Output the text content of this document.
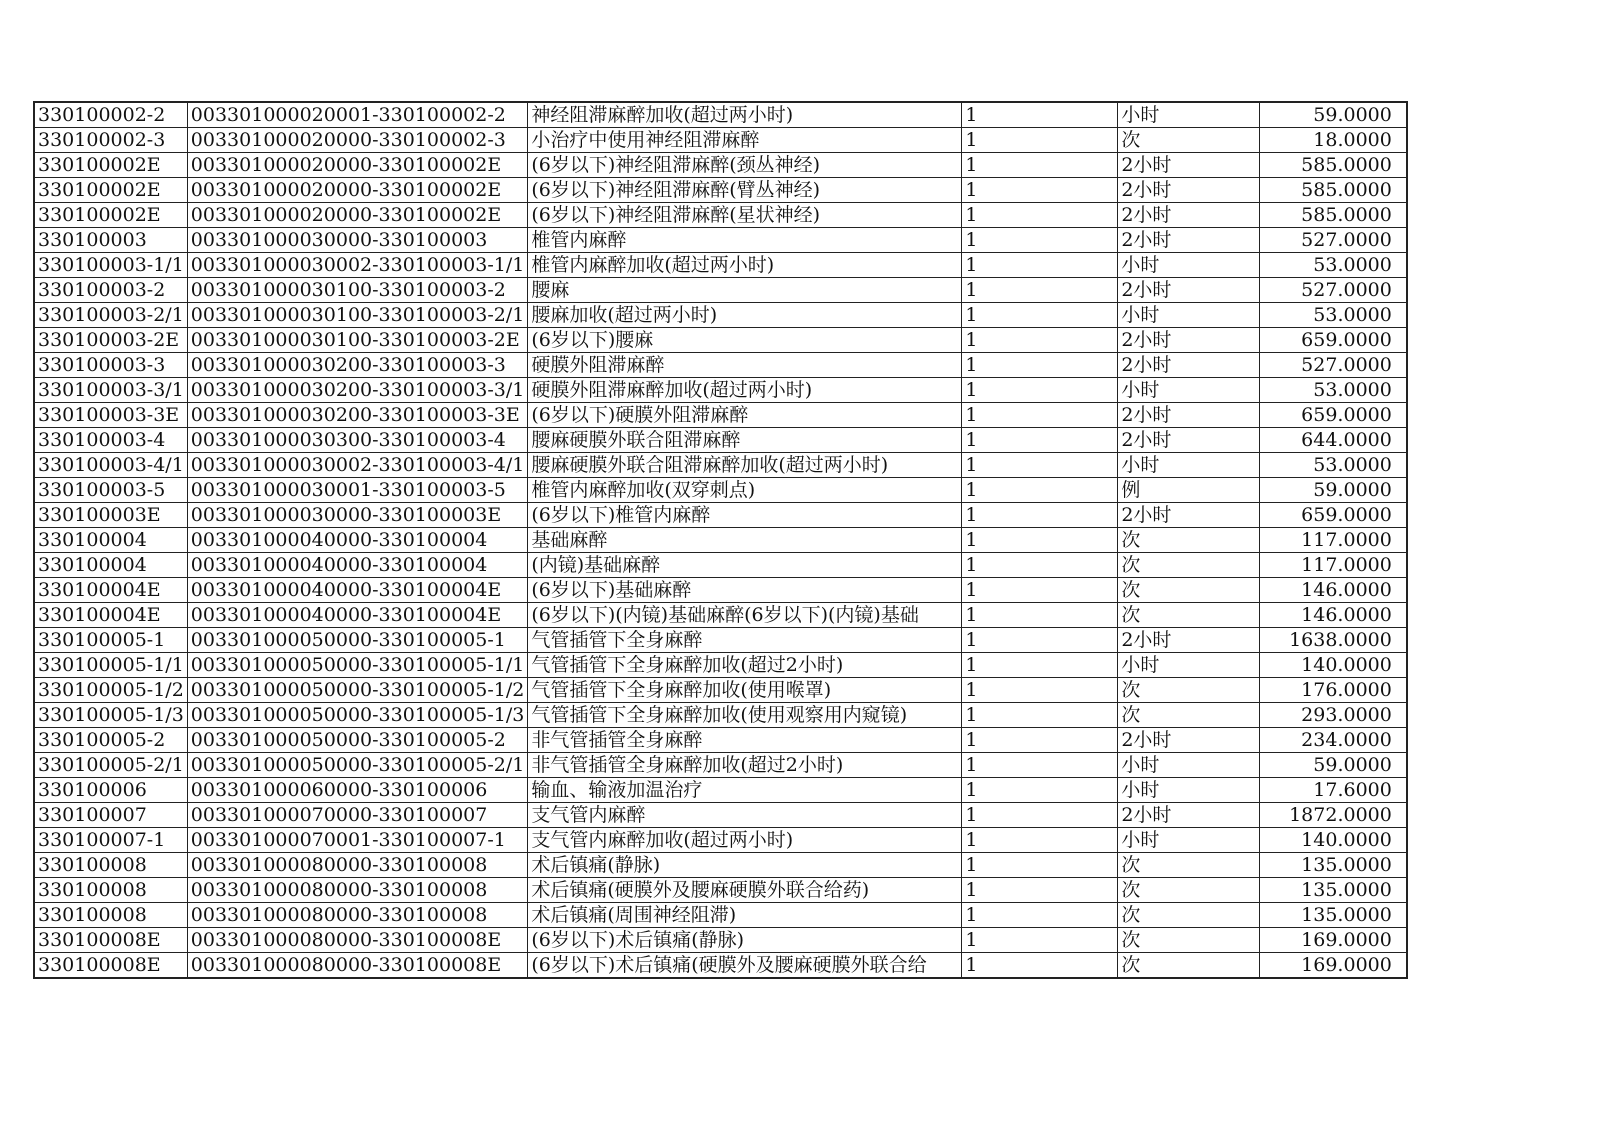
330100002-2	003301000020001-330100002-2	神经阻滞麻醉加收(超过两小时)	1	小时	59.0000
330100002-3	003301000020000-330100002-3	小治疗中使用神经阻滞麻醉	1	次	18.0000
330100002E	003301000020000-330100002E	(6岁以下)神经阻滞麻醉(颈丛神经)	1	2小时	585.0000
330100002E	003301000020000-330100002E	(6岁以下)神经阻滞麻醉(臂丛神经)	1	2小时	585.0000
330100002E	003301000020000-330100002E	(6岁以下)神经阻滞麻醉(星状神经)	1	2小时	585.0000
330100003	003301000030000-330100003	椎管内麻醉	1	2小时	527.0000
330100003-1/1	003301000030002-330100003-1/1	椎管内麻醉加收(超过两小时)	1	小时	53.0000
330100003-2	003301000030100-330100003-2	腰麻	1	2小时	527.0000
330100003-2/1	003301000030100-330100003-2/1	腰麻加收(超过两小时)	1	小时	53.0000
330100003-2E	003301000030100-330100003-2E	(6岁以下)腰麻	1	2小时	659.0000
330100003-3	003301000030200-330100003-3	硬膜外阻滞麻醉	1	2小时	527.0000
330100003-3/1	003301000030200-330100003-3/1	硬膜外阻滞麻醉加收(超过两小时)	1	小时	53.0000
330100003-3E	003301000030200-330100003-3E	(6岁以下)硬膜外阻滞麻醉	1	2小时	659.0000
330100003-4	003301000030300-330100003-4	腰麻硬膜外联合阻滞麻醉	1	2小时	644.0000
330100003-4/1	003301000030002-330100003-4/1	腰麻硬膜外联合阻滞麻醉加收(超过两小时)	1	小时	53.0000
330100003-5	003301000030001-330100003-5	椎管内麻醉加收(双穿刺点)	1	例	59.0000
330100003E	003301000030000-330100003E	(6岁以下)椎管内麻醉	1	2小时	659.0000
330100004	003301000040000-330100004	基础麻醉	1	次	117.0000
330100004	003301000040000-330100004	(内镜)基础麻醉	1	次	117.0000
330100004E	003301000040000-330100004E	(6岁以下)基础麻醉	1	次	146.0000
330100004E	003301000040000-330100004E	(6岁以下)(内镜)基础麻醉(6岁以下)(内镜)基础	1	次	146.0000
330100005-1	003301000050000-330100005-1	气管插管下全身麻醉	1	2小时	1638.0000
330100005-1/1	003301000050000-330100005-1/1	气管插管下全身麻醉加收(超过2小时)	1	小时	140.0000
330100005-1/2	003301000050000-330100005-1/2	气管插管下全身麻醉加收(使用喉罩)	1	次	176.0000
330100005-1/3	003301000050000-330100005-1/3	气管插管下全身麻醉加收(使用观察用内窥镜)	1	次	293.0000
330100005-2	003301000050000-330100005-2	非气管插管全身麻醉	1	2小时	234.0000
330100005-2/1	003301000050000-330100005-2/1	非气管插管全身麻醉加收(超过2小时)	1	小时	59.0000
330100006	003301000060000-330100006	输血、输液加温治疗	1	小时	17.6000
330100007	003301000070000-330100007	支气管内麻醉	1	2小时	1872.0000
330100007-1	003301000070001-330100007-1	支气管内麻醉加收(超过两小时)	1	小时	140.0000
330100008	003301000080000-330100008	术后镇痛(静脉)	1	次	135.0000
330100008	003301000080000-330100008	术后镇痛(硬膜外及腰麻硬膜外联合给药)	1	次	135.0000
330100008	003301000080000-330100008	术后镇痛(周围神经阻滞)	1	次	135.0000
330100008E	003301000080000-330100008E	(6岁以下)术后镇痛(静脉)	1	次	169.0000
330100008E	003301000080000-330100008E	(6岁以下)术后镇痛(硬膜外及腰麻硬膜外联合给	1	次	169.0000
